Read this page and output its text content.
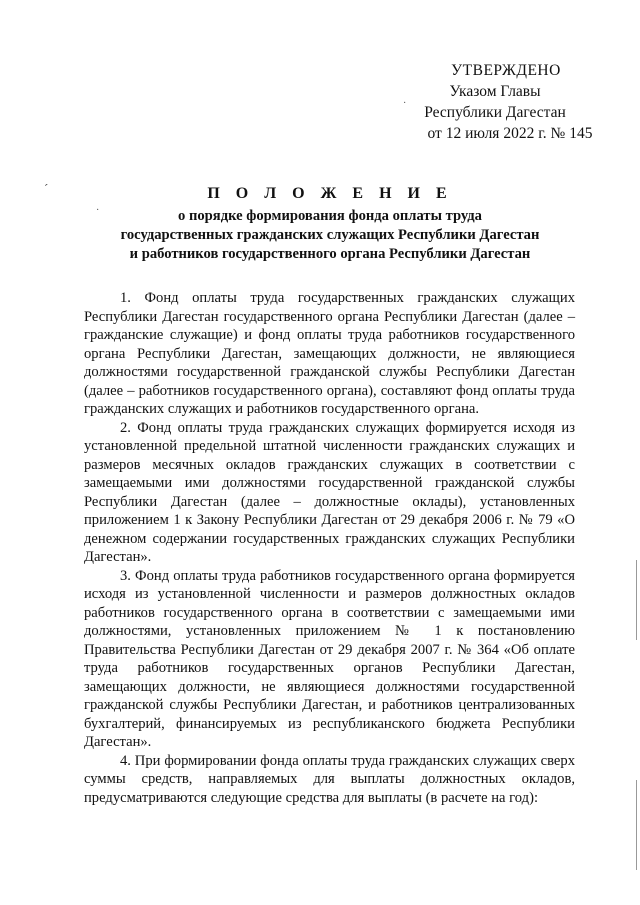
УТВЕРЖДЕНО
Указом Главы
Республики Дагестан
от 12 июля 2022 г. № 145
ˊ
·
·
П О Л О Ж Е Н И Е
о порядке формирования фонда оплаты труда
государственных гражданских служащих Республики Дагестан
и работников государственного органа Республики Дагестан

1. Фонд оплаты труда государственных гражданских служащих Республики Дагестан государственного органа Республики Дагестан (далее – гражданские служащие) и фонд оплаты труда работников государственного органа Республики Дагестан, замещающих должности, не являющиеся должностями государственной гражданской службы Республики Дагестан (далее – работников государственного органа), составляют фонд оплаты труда гражданских служащих и работников государственного органа.

2. Фонд оплаты труда гражданских служащих формируется исходя из установленной предельной штатной численности гражданских служащих и размеров месячных окладов гражданских служащих в соответствии с замещаемыми ими должностями государственной гражданской службы Республики Дагестан (далее – должностные оклады), установленных приложением 1 к Закону Республики Дагестан от 29 декабря 2006 г. № 79 «О денежном содержании государственных гражданских служащих Республики Дагестан».

3. Фонд оплаты труда работников государственного органа формируется исходя из установленной численности и размеров должностных окладов работников государственного органа в соответствии с замещаемыми ими должностями, установленных приложением № 1 к постановлению Правительства Республики Дагестан от 29 декабря 2007 г. № 364 «Об оплате труда работников государственных органов Республики Дагестан, замещающих должности, не являющиеся должностями государственной гражданской службы Республики Дагестан, и работников централизованных бухгалтерий, финансируемых из республиканского бюджета Республики Дагестан».

4. При формировании фонда оплаты труда гражданских служащих сверх суммы средств, направляемых для выплаты должностных окладов, предусматриваются следующие средства для выплаты (в расчете на год):
